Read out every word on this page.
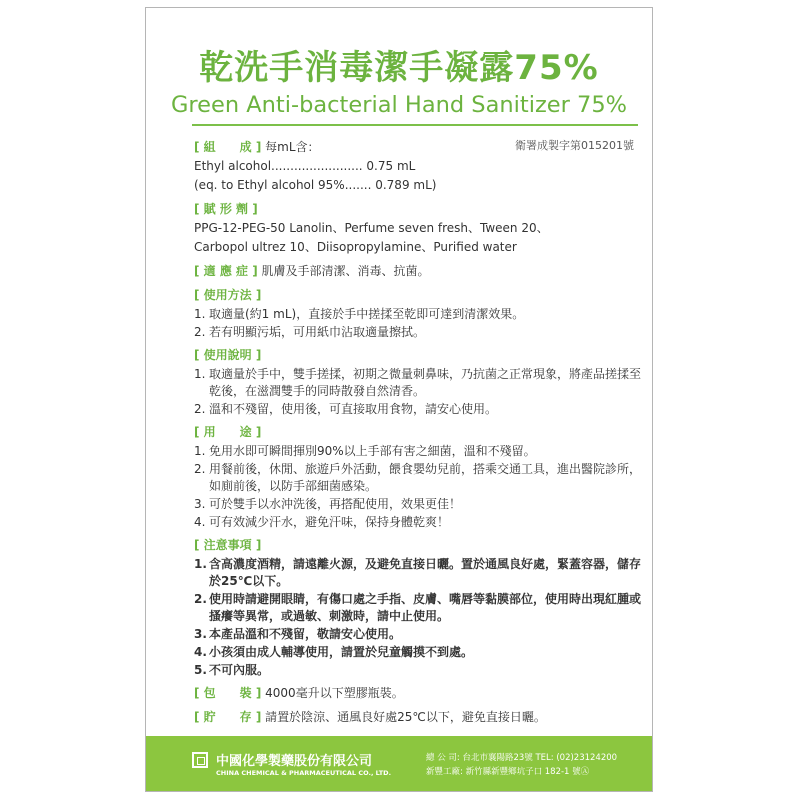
乾洗手消毒潔手凝露75%
Green Anti-bacterial Hand Sanitizer 75%
衛署成製字第015201號
[ 組　　成 ] 每mL含：
Ethyl alcohol........................ 0.75 mL
(eq. to Ethyl alcohol 95%....... 0.789 mL)
[ 賦 形 劑 ]
PPG-12-PEG-50 Lanolin、Perfume seven fresh、Tween 20、
Carbopol ultrez 10、Diisopropylamine、Purified water
[ 適 應 症 ] 肌膚及手部清潔、消毒、抗菌。
[ 使用方法 ]
1. 取適量(約1 mL)，直接於手中搓揉至乾即可達到清潔效果。
2. 若有明顯污垢，可用紙巾沾取適量擦拭。
[ 使用說明 ]
1. 取適量於手中，雙手搓揉，初期之微量刺鼻味，乃抗菌之正常現象，將產品搓揉至乾後，在滋潤雙手的同時散發自然清香。
2. 溫和不殘留，使用後，可直接取用食物，請安心使用。
[ 用　　途 ]
1. 免用水即可瞬間揮別90%以上手部有害之細菌，溫和不殘留。
2. 用餐前後，休閒、旅遊戶外活動，餵食嬰幼兒前，搭乘交通工具，進出醫院診所，如廁前後，以防手部細菌感染。
3. 可於雙手以水沖洗後，再搭配使用，效果更佳！
4. 可有效減少汗水，避免汗味，保持身體乾爽！
[ 注意事項 ]
1. 含高濃度酒精，請遠離火源，及避免直接日曬。置於通風良好處，緊蓋容器，儲存於25℃以下。
2. 使用時請避開眼睛，有傷口處之手指、皮膚、嘴唇等黏膜部位，使用時出現紅腫或搔癢等異常，或過敏、刺激時，請中止使用。
3. 本產品溫和不殘留，敬請安心使用。
4. 小孩須由成人輔導使用，請置於兒童觸摸不到處。
5. 不可內服。
[ 包　　裝 ] 4000毫升以下塑膠瓶裝。
[ 貯　　存 ] 請置於陰涼、通風良好處25℃以下，避免直接日曬。
中國化學製藥股份有限公司
CHINA CHEMICAL & PHARMACEUTICAL CO., LTD.
總 公 司: 台北市襄陽路23號 TEL: (02)23124200
新豐工廠: 新竹縣新豐鄉坑子口 182-1 號Ⓐ
